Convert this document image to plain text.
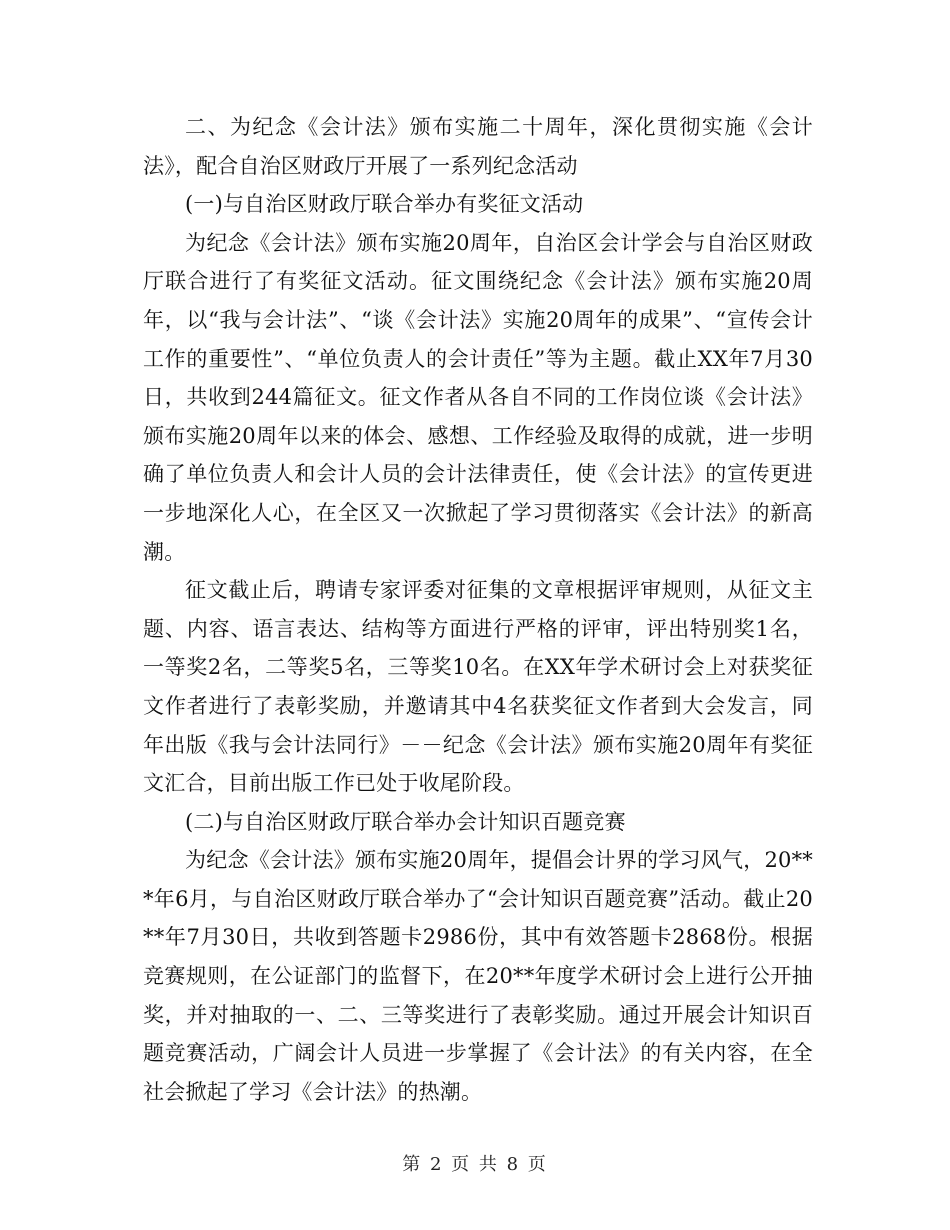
二、为纪念《会计法》颁布实施二十周年，深化贯彻实施《会计法》，配合自治区财政厅开展了一系列纪念活动

(一)与自治区财政厅联合举办有奖征文活动

为纪念《会计法》颁布实施20周年，自治区会计学会与自治区财政厅联合进行了有奖征文活动。征文围绕纪念《会计法》颁布实施20周年，以“我与会计法”、“谈《会计法》实施20周年的成果”、“宣传会计工作的重要性”、“单位负责人的会计责任”等为主题。截止XX年7月30日，共收到244篇征文。征文作者从各自不同的工作岗位谈《会计法》颁布实施20周年以来的体会、感想、工作经验及取得的成就，进一步明确了单位负责人和会计人员的会计法律责任，使《会计法》的宣传更进一步地深化人心，在全区又一次掀起了学习贯彻落实《会计法》的新高潮。

征文截止后，聘请专家评委对征集的文章根据评审规则，从征文主题、内容、语言表达、结构等方面进行严格的评审，评出特别奖1名，一等奖2名，二等奖5名，三等奖10名。在XX年学术研讨会上对获奖征文作者进行了表彰奖励，并邀请其中4名获奖征文作者到大会发言，同年出版《我与会计法同行》－－纪念《会计法》颁布实施20周年有奖征文汇合，目前出版工作已处于收尾阶段。

(二)与自治区财政厅联合举办会计知识百题竞赛

为纪念《会计法》颁布实施20周年，提倡会计界的学习风气，20***年6月，与自治区财政厅联合举办了“会计知识百题竞赛”活动。截止20**年7月30日，共收到答题卡2986份，其中有效答题卡2868份。根据竞赛规则，在公证部门的监督下，在20**年度学术研讨会上进行公开抽奖，并对抽取的一、二、三等奖进行了表彰奖励。通过开展会计知识百题竞赛活动，广阔会计人员进一步掌握了《会计法》的有关内容，在全社会掀起了学习《会计法》的热潮。

第 2 页 共 8 页
